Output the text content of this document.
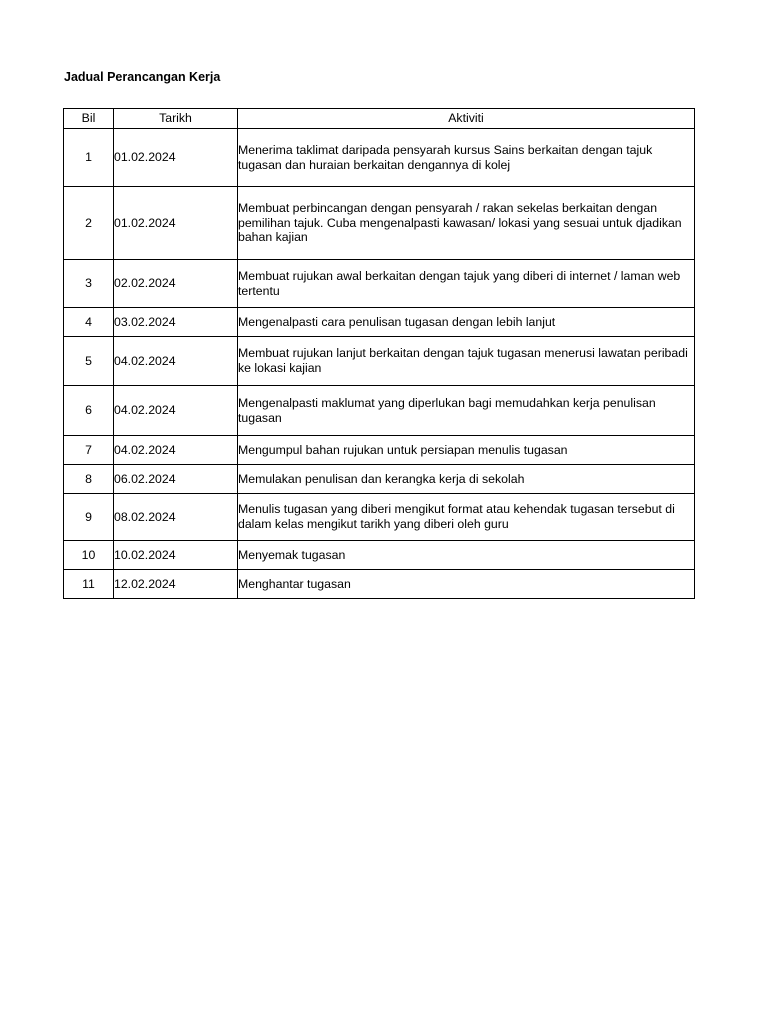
Jadual Perancangan Kerja
Bil	Tarikh	Aktiviti
1	01.02.2024	Menerima taklimat daripada pensyarah kursus Sains berkaitan dengan tajuk tugasan dan huraian berkaitan dengannya di kolej
2	01.02.2024	Membuat perbincangan dengan pensyarah / rakan sekelas berkaitan dengan pemilihan tajuk. Cuba mengenalpasti kawasan/ lokasi yang sesuai untuk djadikan bahan kajian
3	02.02.2024	Membuat rujukan awal berkaitan dengan tajuk yang diberi di internet / laman web tertentu
4	03.02.2024	Mengenalpasti cara penulisan tugasan dengan lebih lanjut
5	04.02.2024	Membuat rujukan lanjut berkaitan dengan tajuk tugasan menerusi lawatan peribadi ke lokasi kajian
6	04.02.2024	Mengenalpasti maklumat yang diperlukan bagi memudahkan kerja penulisan tugasan
7	04.02.2024	Mengumpul bahan rujukan untuk persiapan menulis tugasan
8	06.02.2024	Memulakan penulisan dan kerangka kerja di sekolah
9	08.02.2024	Menulis tugasan yang diberi mengikut format atau kehendak tugasan tersebut di dalam kelas mengikut tarikh yang diberi oleh guru
10	10.02.2024	Menyemak tugasan
11	12.02.2024	Menghantar tugasan
